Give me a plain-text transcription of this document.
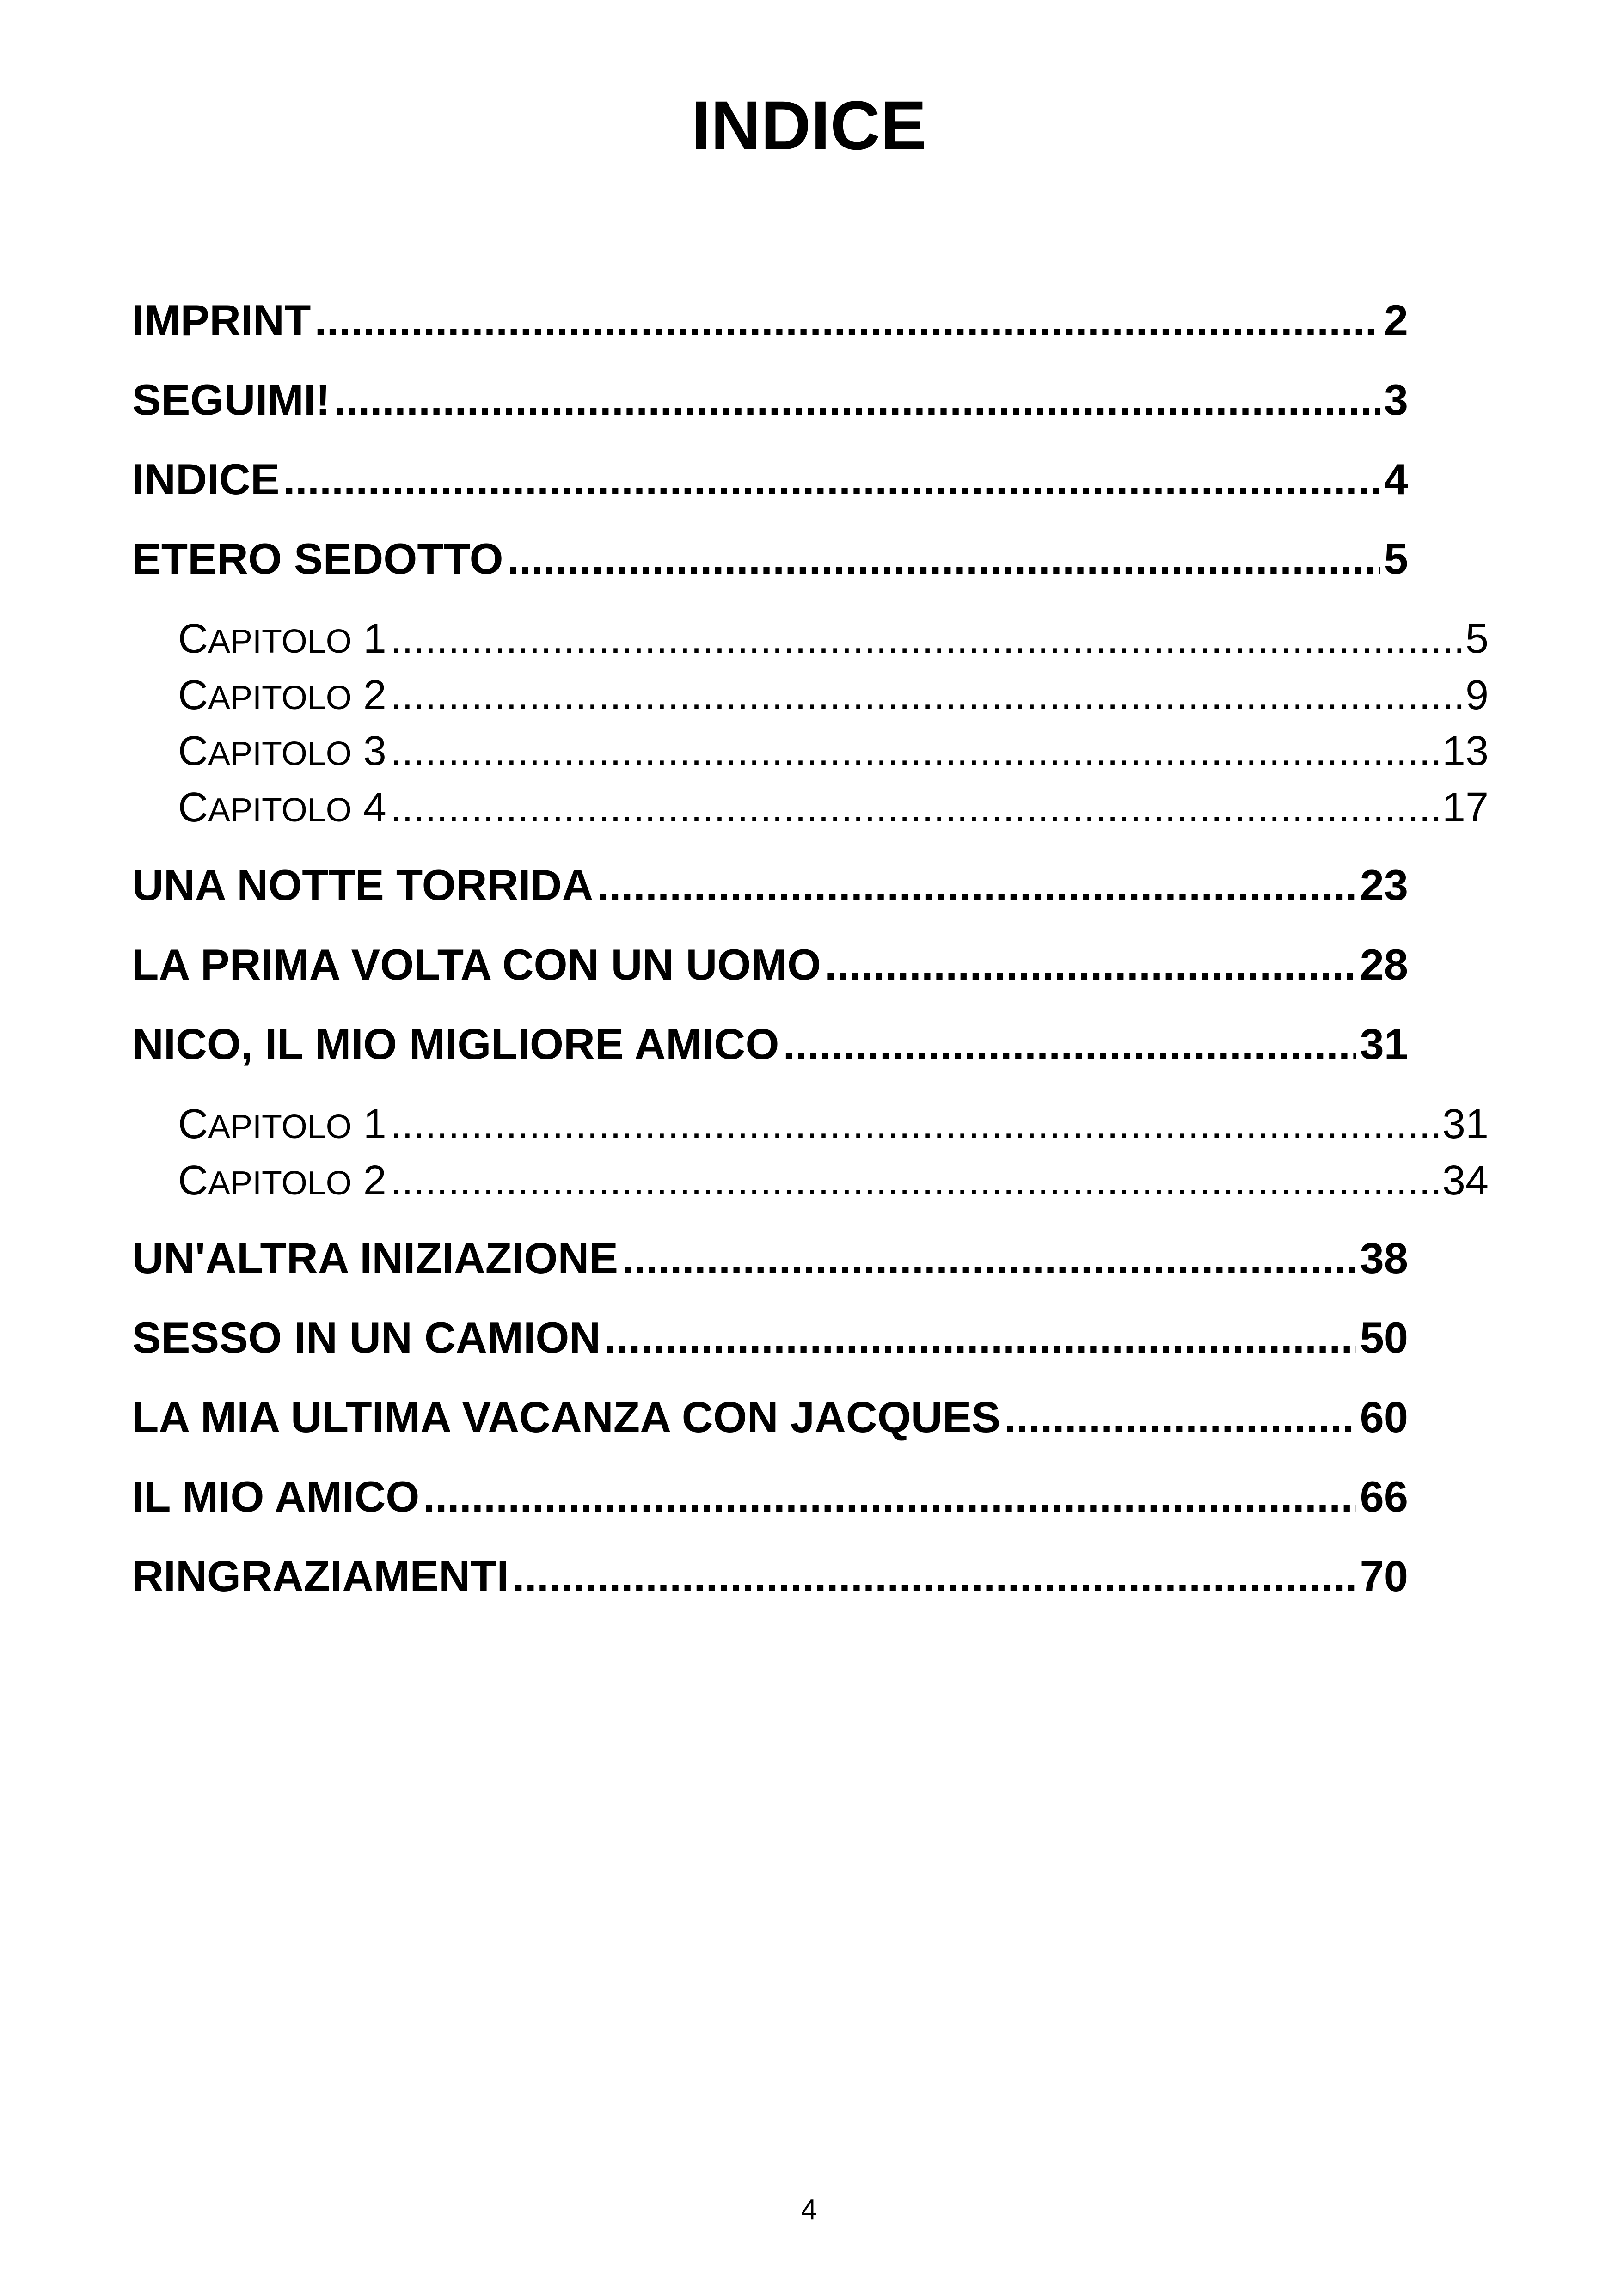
INDICE
IMPRINT .....	2
SEGUIMI! .....	3
INDICE .....	4
ETERO SEDOTTO .....	5
CAPITOLO 1 .....	5
CAPITOLO 2 .....	9
CAPITOLO 3 .....	13
CAPITOLO 4 .....	17
UNA NOTTE TORRIDA .....	23
LA PRIMA VOLTA CON UN UOMO .....	28
NICO, IL MIO MIGLIORE AMICO .....	31
CAPITOLO 1 .....	31
CAPITOLO 2 .....	34
UN'ALTRA INIZIAZIONE .....	38
SESSO IN UN CAMION .....	50
LA MIA ULTIMA VACANZA CON JACQUES .....	60
IL MIO AMICO .....	66
RINGRAZIAMENTI .....	70
4
